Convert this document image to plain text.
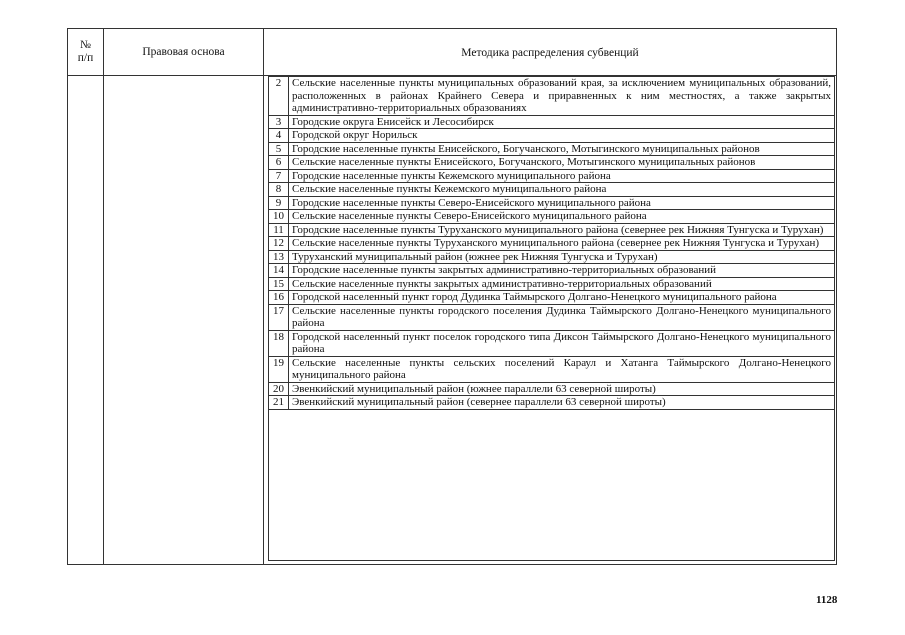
№
п/п	Правовая основа	Методика распределения субвенций
2	Сельские населенные пункты муниципальных образований края, за исключением муниципальных образований, расположенных в районах Крайнего Севера и приравненных к ним местностях, а также закрытых административно-территориальных образованиях
3	Городские округа Енисейск и Лесосибирск
4	Городской округ Норильск
5	Городские населенные пункты Енисейского, Богучанского, Мотыгинского муниципальных районов
6	Сельские населенные пункты Енисейского, Богучанского, Мотыгинского муниципальных районов
7	Городские населенные пункты Кежемского муниципального района
8	Сельские населенные пункты Кежемского муниципального района
9	Городские населенные пункты Северо-Енисейского муниципального района
10	Сельские населенные пункты Северо-Енисейского муниципального района
11	Городские населенные пункты Туруханского муниципального района (севернее рек Нижняя Тунгуска и Турухан)
12	Сельские населенные пункты Туруханского муниципального района (севернее рек Нижняя Тунгуска и Турухан)
13	Туруханский муниципальный район (южнее рек Нижняя Тунгуска и Турухан)
14	Городские населенные пункты закрытых административно-территориальных образований
15	Сельские населенные пункты закрытых административно-территориальных образований
16	Городской населенный пункт город Дудинка Таймырского Долгано-Ненецкого муниципального района
17	Сельские населенные пункты городского поселения Дудинка Таймырского Долгано-Ненецкого муниципального района
18	Городской населенный пункт поселок городского типа Диксон Таймырского Долгано-Ненецкого муниципального района
19	Сельские населенные пункты сельских поселений Караул и Хатанга Таймырского Долгано-Ненецкого муниципального района
20	Эвенкийский муниципальный район (южнее параллели 63 северной широты)
21	Эвенкийский муниципальный район (севернее параллели 63 северной широты)
1128
